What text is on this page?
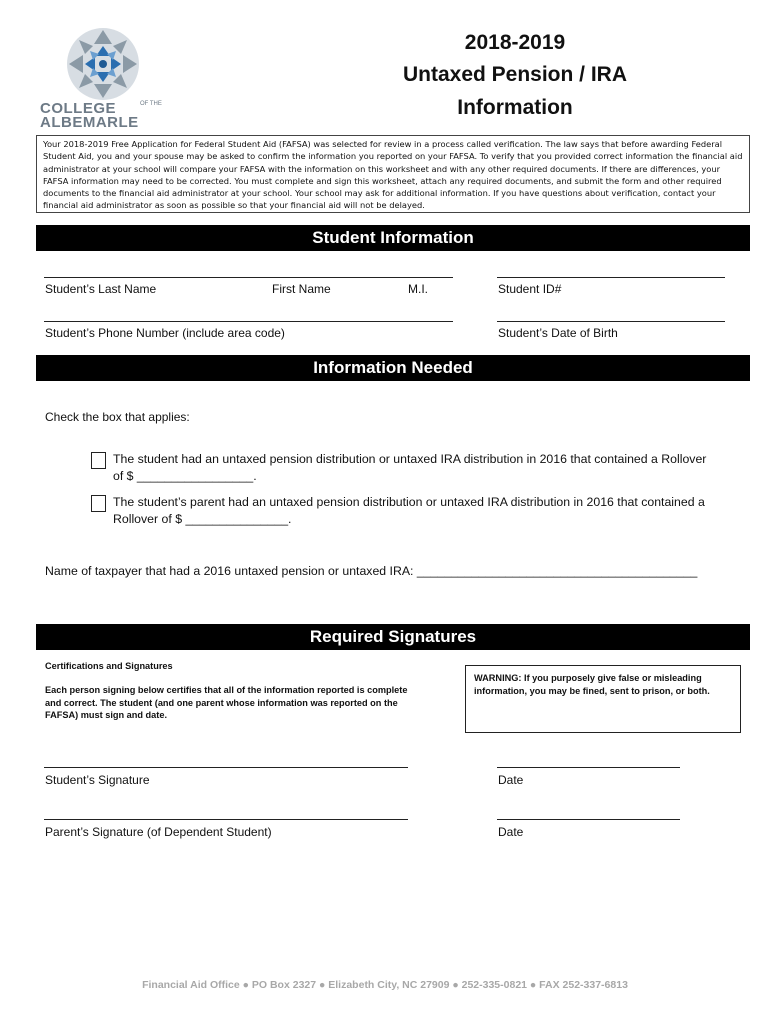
COLLEGE	OF THE
ALBEMARLE
2018-2019
Untaxed Pension / IRA
Information
Your 2018-2019 Free Application for Federal Student Aid (FAFSA) was selected for review in a process called verification. The law says that before awarding Federal Student Aid, you and your spouse may be asked to confirm the information you reported on your FAFSA. To verify that you provided correct information the financial aid administrator at your school will compare your FAFSA with the information on this worksheet and with any other required documents. If there are differences, your FAFSA information may need to be corrected. You must complete and sign this worksheet, attach any required documents, and submit the form and other required documents to the financial aid administrator at your school. Your school may ask for additional information. If you have questions about verification, contact your financial aid administrator as soon as possible so that your financial aid will not be delayed.
Student Information
Student’s Last Name	First Name	M.I.	Student ID#
Student’s Phone Number (include area code)	Student’s Date of Birth
Information Needed
Check the box that applies:
The student had an untaxed pension distribution or untaxed IRA distribution in 2016 that contained a Rollover
of $ _________________.
The student’s parent had an untaxed pension distribution or untaxed IRA distribution in 2016 that contained a
Rollover of $ _______________.
Name of taxpayer that had a 2016 untaxed pension or untaxed IRA: _________________________________________
Required Signatures
Certifications and Signatures
Each person signing below certifies that all of the information reported is complete and correct. The student (and one parent whose information was reported on the FAFSA) must sign and date.
WARNING: If you purposely give false or misleading information, you may be fined, sent to prison, or both.
Student’s Signature	Date
Parent’s Signature (of Dependent Student)	Date
Financial Aid Office ● PO Box 2327 ● Elizabeth City, NC 27909 ● 252-335-0821 ● FAX 252-337-6813
